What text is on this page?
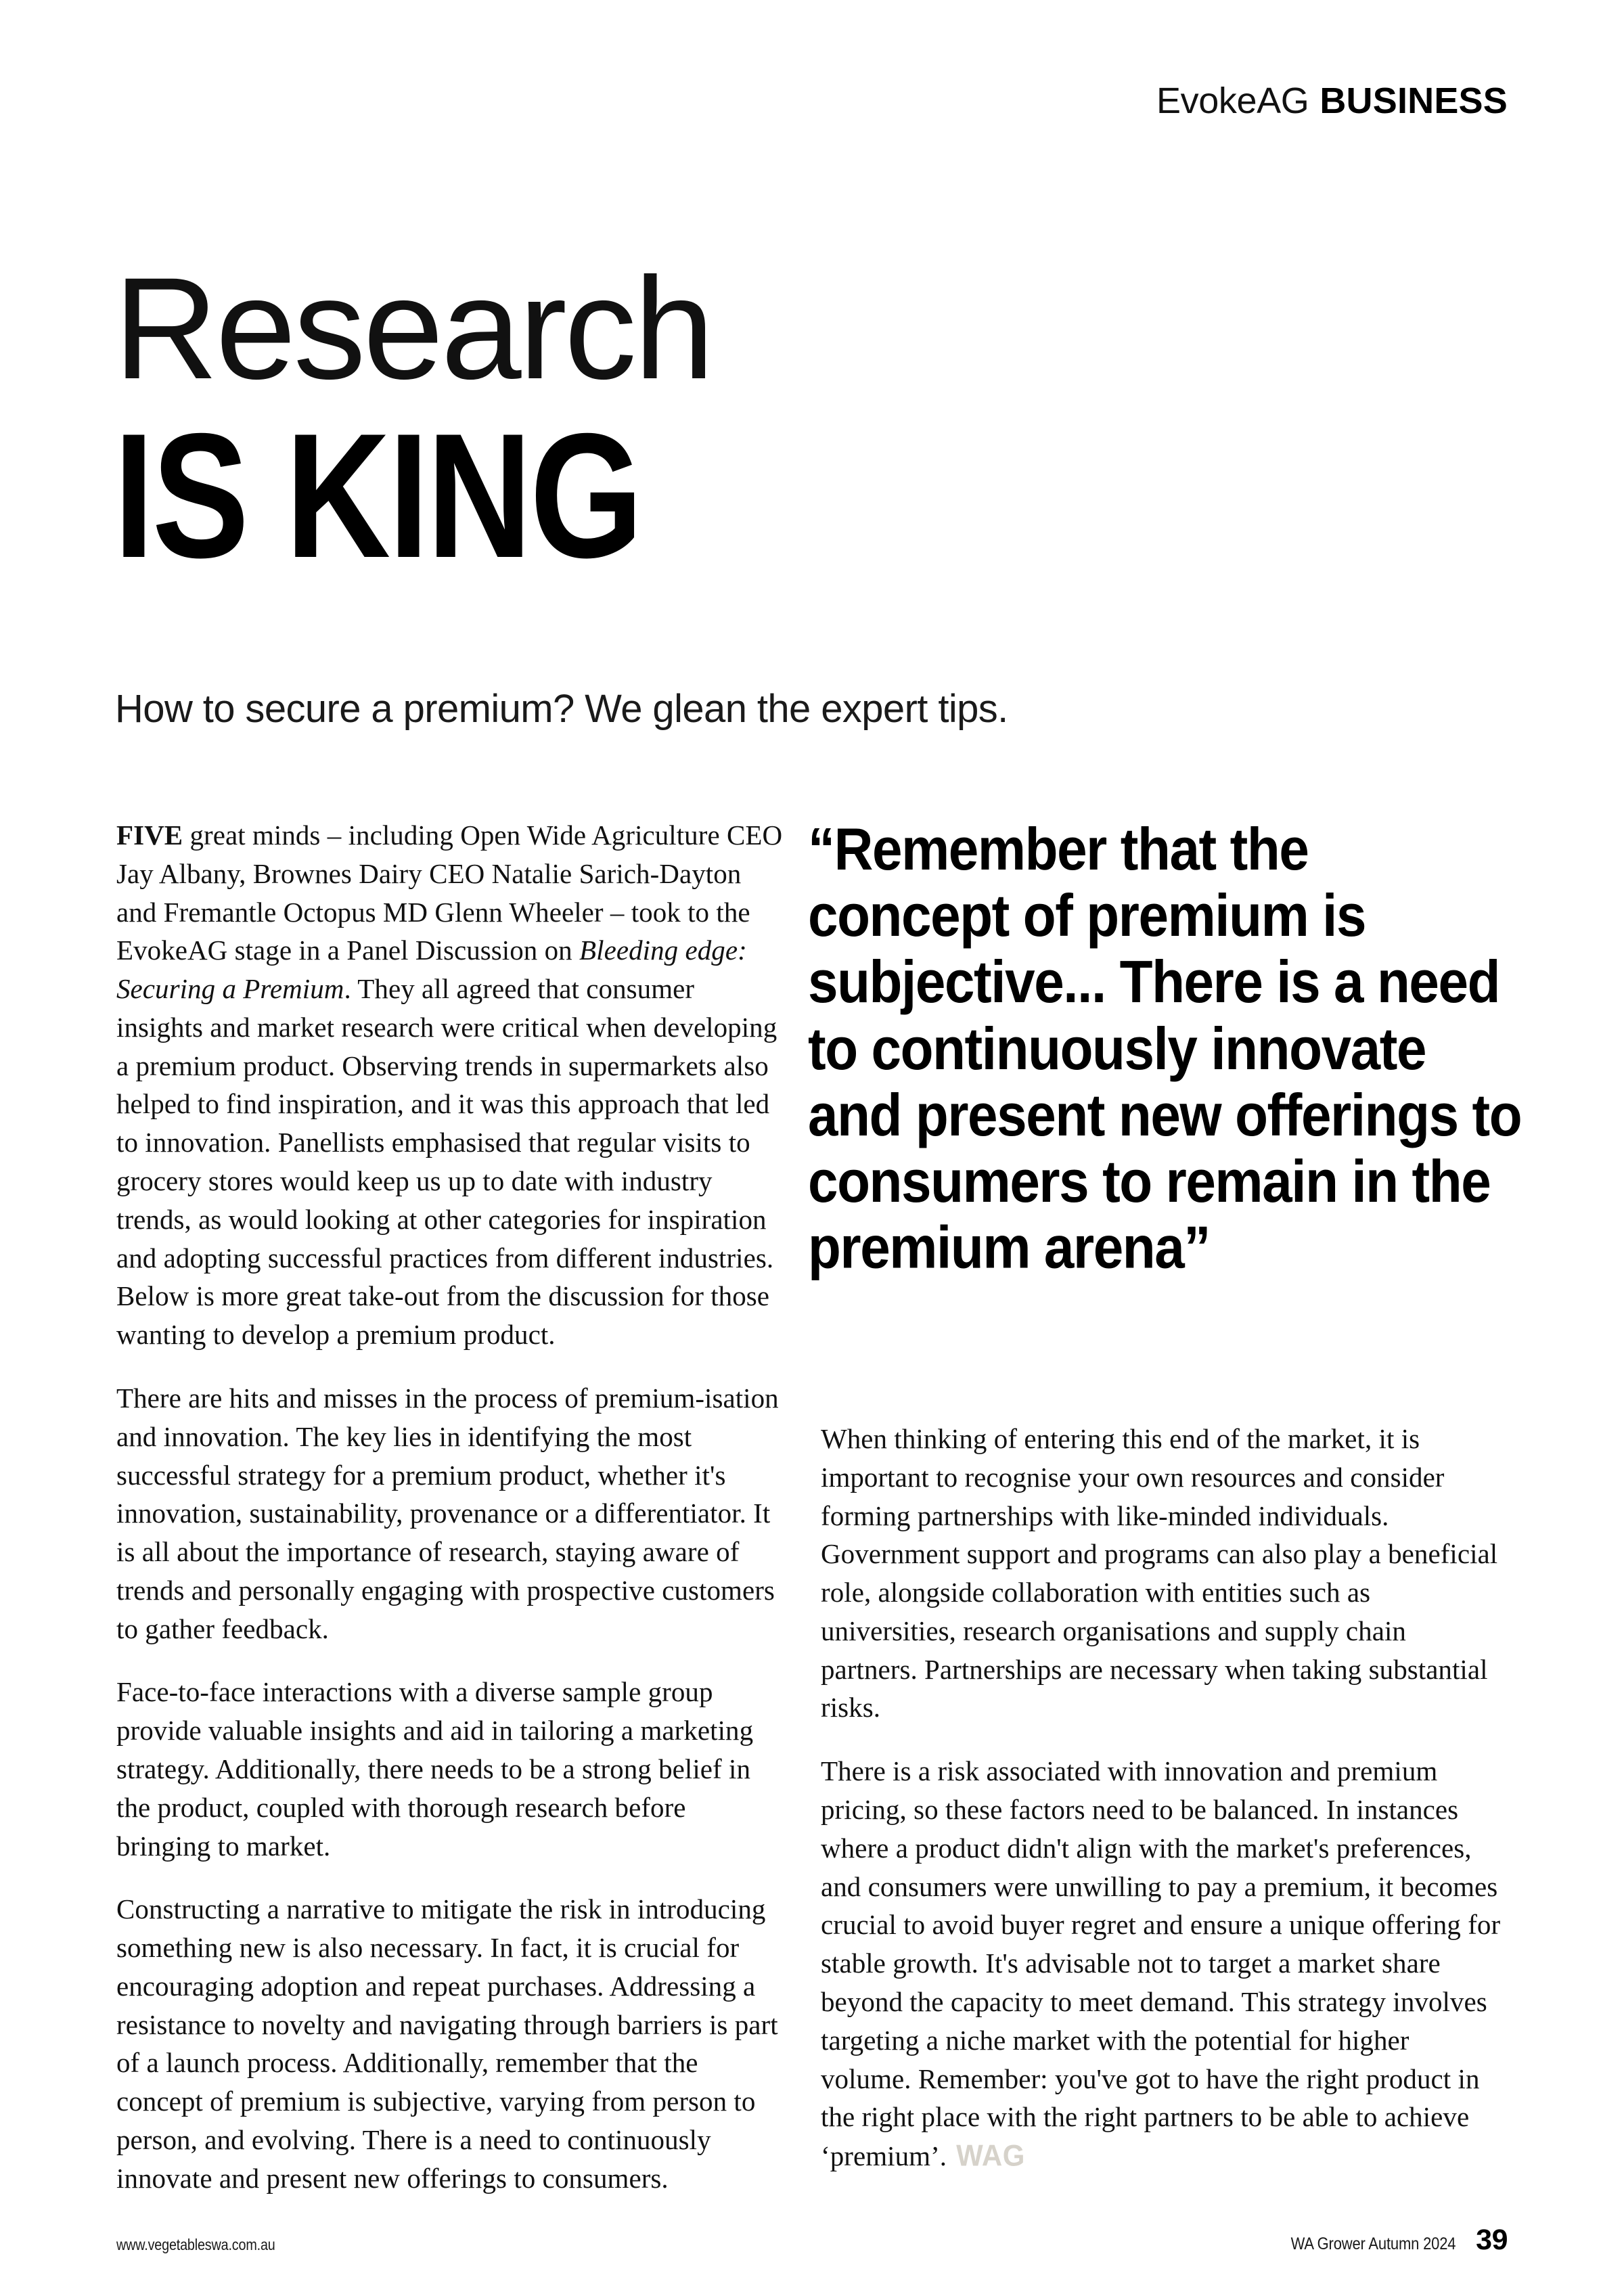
EvokeAG BUSINESS
Research
IS KING
How to secure a premium? We glean the expert tips.

FIVE great minds – including Open Wide Agriculture CEO Jay Albany, Brownes Dairy CEO Natalie Sarich-Dayton and Fremantle Octopus MD Glenn Wheeler – took to the EvokeAG stage in a Panel Discussion on Bleeding edge: Securing a Premium. They all agreed that consumer insights and market research were critical when developing a premium product. Observing trends in supermarkets also helped to find inspiration, and it was this approach that led to innovation. Panellists emphasised that regular visits to grocery stores would keep us up to date with industry trends, as would looking at other categories for inspiration and adopting successful practices from different industries. Below is more great take-out from the discussion for those wanting to develop a premium product.

There are hits and misses in the process of premium-isation and innovation. The key lies in identifying the most successful strategy for a premium product, whether it's innovation, sustainability, provenance or a differentiator. It is all about the importance of research, staying aware of trends and personally engaging with prospective customers to gather feedback.

Face-to-face interactions with a diverse sample group provide valuable insights and aid in tailoring a marketing strategy. Additionally, there needs to be a strong belief in the product, coupled with thorough research before bringing to market.

Constructing a narrative to mitigate the risk in introducing something new is also necessary. In fact, it is crucial for encouraging adoption and repeat purchases. Addressing a resistance to novelty and navigating through barriers is part of a launch process. Additionally, remember that the concept of premium is subjective, varying from person to person, and evolving. There is a need to continuously innovate and present new offerings to consumers.

“Remember that the concept of premium is subjective... There is a need to continuously innovate and present new offerings to consumers to remain in the premium arena”

When thinking of entering this end of the market, it is important to recognise your own resources and consider forming partnerships with like-minded individuals. Government support and programs can also play a beneficial role, alongside collaboration with entities such as universities, research organisations and supply chain partners. Partnerships are necessary when taking substantial risks.

There is a risk associated with innovation and premium pricing, so these factors need to be balanced. In instances where a product didn't align with the market's preferences, and consumers were unwilling to pay a premium, it becomes crucial to avoid buyer regret and ensure a unique offering for stable growth. It's advisable not to target a market share beyond the capacity to meet demand. This strategy involves targeting a niche market with the potential for higher volume. Remember: you've got to have the right product in the right place with the right partners to be able to achieve ‘premium’. WAG

www.vegetableswa.com.au	WA Grower Autumn 2024 39
